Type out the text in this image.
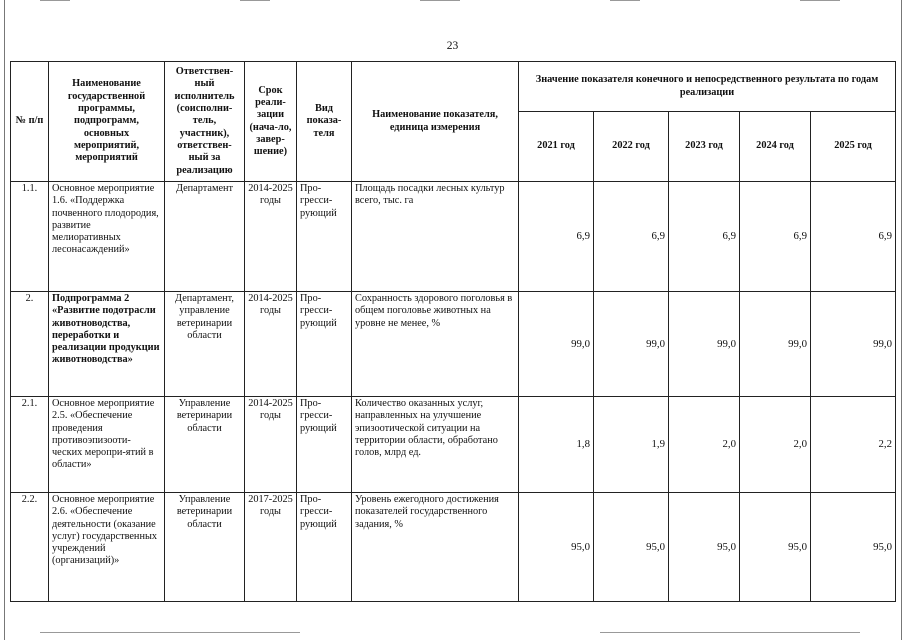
23
№ п/п	Наименование государственной программы, подпрограмм, основных мероприятий, мероприятий	Ответствен-ный исполнитель (соисполни-тель, участник), ответствен-ный за реализацию	Срок реали-зации (нача-ло, завер-шение)	Вид показа-теля	Наименование показателя, единица измерения	Значение показателя конечного и непосредственного результата по годам реализации				
						2021 год	2022 год	2023 год	2024 год	2025 год
1.1.	Основное мероприятие 1.6. «Поддержка почвенного плодородия, развитие мелиоративных лесонасаждений»	Департамент	2014-2025 годы	Про-гресси-рующий	Площадь посадки лесных культур всего, тыс. га	6,9	6,9	6,9	6,9	6,9
2.	Подпрограмма 2 «Развитие подотрасли животноводства, переработки и реализации продукции животноводства»	Департамент, управление ветеринарии области	2014-2025 годы	Про-гресси-рующий	Сохранность здорового поголовья в общем поголовье животных на уровне не менее, %	99,0	99,0	99,0	99,0	99,0
2.1.	Основное мероприятие 2.5. «Обеспечение проведения противоэпизооти-ческих меропри-ятий в области»	Управление ветеринарии области	2014-2025 годы	Про-гресси-рующий	Количество оказанных услуг, направленных на улучшение эпизоотической ситуации на территории области, обработано голов, млрд ед.	1,8	1,9	2,0	2,0	2,2
2.2.	Основное мероприятие 2.6. «Обеспечение деятельности (оказание услуг) государственных учреждений (организаций)»	Управление ветеринарии области	2017-2025 годы	Про-гресси-рующий	Уровень ежегодного достижения показателей государственного задания, %	95,0	95,0	95,0	95,0	95,0
